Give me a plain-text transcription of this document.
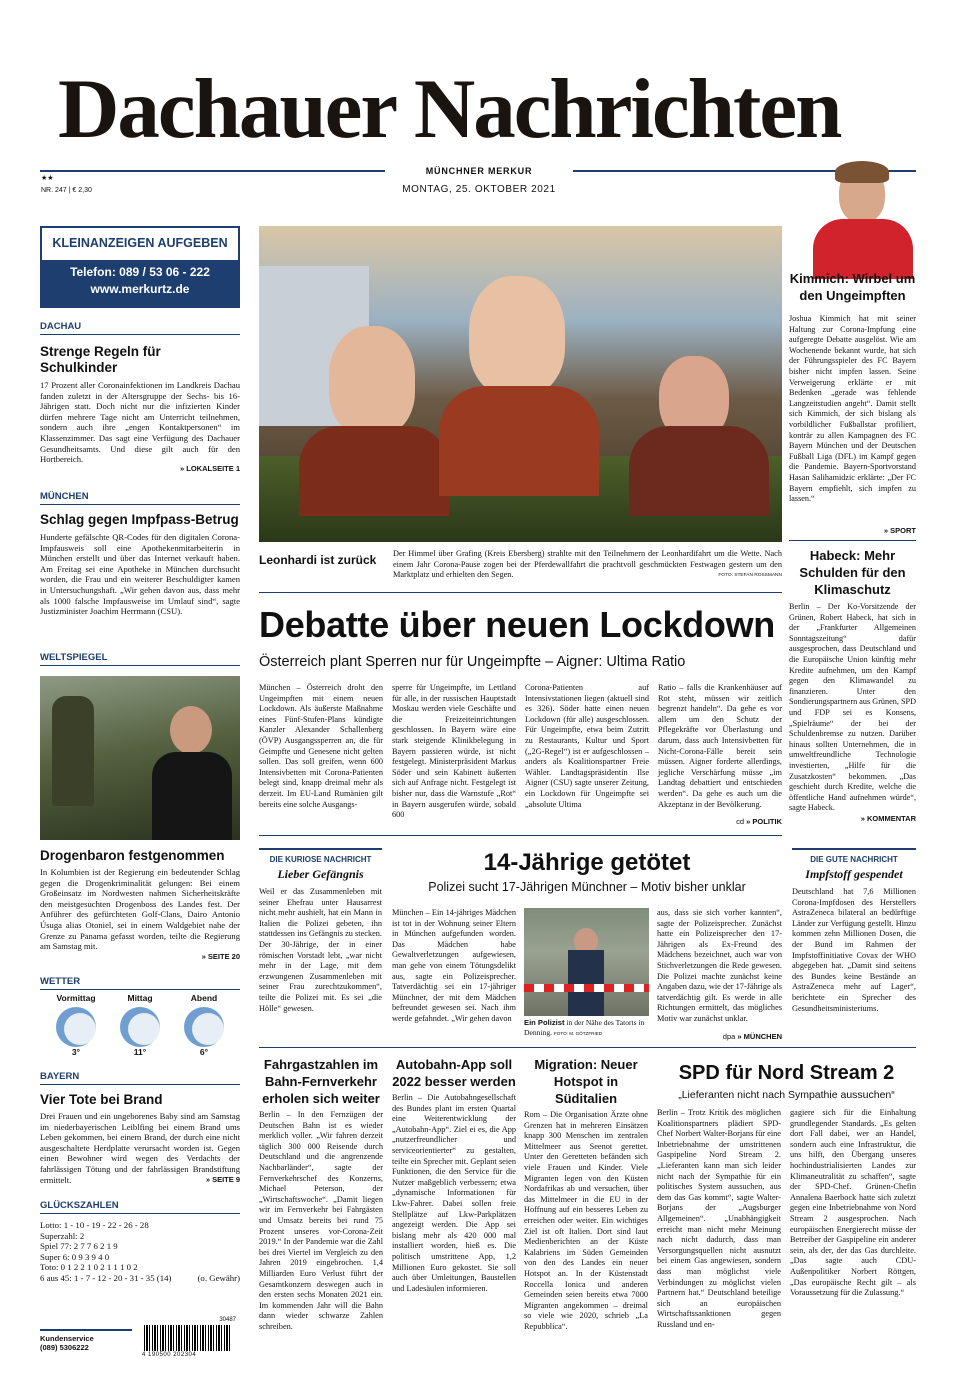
Dachauer Nachrichten
MÜNCHNER MERKUR
MONTAG, 25. OKTOBER 2021
★★
NR. 247 | € 2,30
KLEINANZEIGEN AUFGEBEN
Telefon: 089 / 53 06 - 222
www.merkurtz.de
DACHAU
Strenge Regeln für Schulkinder
17 Prozent aller Coronainfektionen im Landkreis Dachau fanden zuletzt in der Altersgruppe der Sechs- bis 16-Jährigen statt. Doch nicht nur die infizierten Kinder dürfen mehrere Tage nicht am Unterricht teilnehmen, sondern auch ihre „engen Kontaktpersonen“ im Klassenzimmer. Das sagt eine Verfügung des Dachauer Gesundheitsamts. Und diese gilt auch für den Hortbereich.
» LOKALSEITE 1
MÜNCHEN
Schlag gegen Impfpass-Betrug
Hunderte gefälschte QR-Codes für den digitalen Corona-Impfausweis soll eine Apothekenmitarbeiterin in München erstellt und über das Internet verkauft haben. Am Freitag sei eine Apotheke in München durchsucht worden, die Frau und ein weiterer Beschuldigter kamen in Untersuchungshaft. „Wir gehen davon aus, dass mehr als 1000 falsche Impfausweise im Umlauf sind“, sagte Justizminister Joachim Herrmann (CSU).
WELTSPIEGEL
Drogenbaron festgenommen
In Kolumbien ist der Regierung ein bedeutender Schlag gegen die Drogenkriminalität gelungen: Bei einem Großeinsatz im Nordwesten nahmen Sicherheitskräfte den meistgesuchten Drogenboss des Landes fest. Der Anführer des gefürchteten Golf-Clans, Dairo Antonio Úsuga alias Otoniel, sei in einem Waldgebiet nahe der Grenze zu Panama gefasst worden, teilte die Regierung am Samstag mit.
» SEITE 20
WETTER
Vormittag
3°
Mittag
11°
Abend
6°
BAYERN
Vier Tote bei Brand
Drei Frauen und ein ungeborenes Baby sind am Samstag im niederbayerischen Leiblfing bei einem Brand ums Leben gekommen, bei einem Brand, der durch eine nicht ausgeschaltete Herdplatte verursacht worden ist. Gegen einen Bewohner wird wegen des Verdachts der fahrlässigen Tötung und der fahrlässigen Brandstiftung ermittelt.	» SEITE 9
GLÜCKSZAHLEN
Lotto: 1 - 10 - 19 - 22 - 26 - 28
Superzahl: 2
Spiel 77: 2 7 7 6 2 1 9
Super 6: 0 9 3 9 4 0
Toto: 0 1 2 2 1 0 2 1 1 1 0 2
6 aus 45: 1 - 7 - 12 - 20 - 31 - 35 (14)	(o. Gewähr)
Kundenservice
(089) 5306222
30487
4 190500 202304
Leonhardi ist zurück Der Himmel über Grafing (Kreis Ebersberg) strahlte mit den Teilnehmern der Leonhardifahrt um die Wette. Nach einem Jahr Corona-Pause zogen bei der Pferdewallfahrt die prachtvoll geschmückten Festwagen gestern um den Marktplatz und erhielten den Segen.	FOTO: STEFAN ROSSMANN
Kimmich: Wirbel um den Ungeimpften
Joshua Kimmich hat mit seiner Haltung zur Corona-Impfung eine aufgeregte Debatte ausgelöst. Wie am Wochenende bekannt wurde, hat sich der Führungsspieler des FC Bayern bisher nicht impfen lassen. Seine Verweigerung erklärte er mit Bedenken „gerade was fehlende Langzeitstudien angeht“. Damit stellt sich Kimmich, der sich bislang als vorbildlicher Fußballstar profiliert, konträr zu allen Kampagnen des FC Bayern München und der Deutschen Fußball Liga (DFL) im Kampf gegen die Pandemie. Bayern-Sportvorstand Hasan Salihamidzic erklärte: „Der FC Bayern empfiehlt, sich impfen zu lassen.“
» SPORT
Habeck: Mehr Schulden für den Klimaschutz
Berlin – Der Ko-Vorsitzende der Grünen, Robert Habeck, hat sich in der „Frankfurter Allgemeinen Sonntagszeitung“ dafür ausgesprochen, dass Deutschland und die Europäische Union künftig mehr Kredite aufnehmen, um den Kampf gegen den Klimawandel zu finanzieren. Unter den Sondierungspartnern aus Grünen, SPD und FDP sei es Konsens, „Spielräume“ der bei der Schuldenbremse zu nutzen. Darüber hinaus sollten Unternehmen, die in umweltfreundliche Technologie investierten, „Hilfe für die Zusatzkosten“ bekommen. „Das geschieht durch Kredite, welche die öffentliche Hand aufnehmen würde“, sagte Habeck.
» KOMMENTAR
Debatte über neuen Lockdown
Österreich plant Sperren nur für Ungeimpfte – Aigner: Ultima Ratio
München – Österreich droht den Ungeimpften mit einem neuen Lockdown. Als äußerste Maßnahme eines Fünf-Stufen-Plans kündigte Kanzler Alexander Schallenberg (ÖVP) Ausgangssperren an, die für Geimpfte und Genesene nicht gelten sollen. Das soll greifen, wenn 600 Intensivbetten mit Corona-Patienten belegt sind, knapp dreimal mehr als derzeit. Im EU-Land Rumänien gilt bereits eine solche Ausgangs-
sperre für Ungeimpfte, im Lettland für alle, in der russischen Hauptstadt Moskau werden viele Geschäfte und die Freizeiteinrichtungen geschlossen. In Bayern wäre eine stark steigende Klinikbelegung in Bayern passieren würde, ist nicht festgelegt. Ministerpräsident Markus Söder und sein Kabinett äußerten sich auf Anfrage nicht. Festgelegt ist bisher nur, dass die Warnstufe „Rot“ in Bayern ausgerufen würde, sobald 600
Corona-Patienten auf Intensivstationen liegen (aktuell sind es 326). Söder hatte einen neuen Lockdown (für alle) ausgeschlossen. Für Ungeimpfte, etwa beim Zutritt zu Restaurants, Kultur und Sport („2G-Regel“) ist er aufgeschlossen – anders als Koalitionspartner Freie Wähler. Landtagspräsidentin Ilse Aigner (CSU) sagte unserer Zeitung, ein Lockdown für Ungeimpfte sei „absolute Ultima
Ratio – falls die Krankenhäuser auf Rot steht, müssen wir zeitlich begrenzt handeln“. Da gehe es vor allem um den Schutz der Pflegekräfte vor Überlastung und darum, dass auch Intensivbetten für Nicht-Corona-Fälle bereit sein müssen. Aigner forderte allerdings, jegliche Verschärfung müsse „im Landtag debattiert und entschieden werden“. Da gehe es auch um die Akzeptanz in der Bevölkerung.
cd » POLITIK
DIE KURIOSE NACHRICHT
Lieber Gefängnis
Weil er das Zusammenleben mit seiner Ehefrau unter Hausarrest nicht mehr aushielt, hat ein Mann in Italien die Polizei gebeten, ihn stattdessen ins Gefängnis zu stecken. Der 30-Jährige, der in einer römischen Vorstadt lebt, „war nicht mehr in der Lage, mit dem erzwungenen Zusammenleben mit seiner Frau zurechtzukommen“, teilte die Polizei mit. Es sei „die Hölle“ gewesen.
14-Jährige getötet
Polizei sucht 17-Jährigen Münchner – Motiv bisher unklar
München – Ein 14-jähriges Mädchen ist tot in der Wohnung seiner Eltern in München aufgefunden worden. Das Mädchen habe Gewaltverletzungen aufgewiesen, man gehe von einem Tötungsdelikt aus, sagte ein Polizeisprecher. Tatverdächtig sei ein 17-jähriger Münchner, der mit dem Mädchen befreundet gewesen sei. Nach ihm werde gefahndet. „Wir gehen davon	Ein Polizist in der Nähe des Tatorts in Denning. FOTO: M. GÖTZFRIED
aus, dass sie sich vorher kannten“, sagte der Polizeisprecher. Zunächst hatte ein Polizeisprecher den 17-Jährigen als Ex-Freund des Mädchens bezeichnet, auch war von Stichverletzungen die Rede gewesen. Die Polizei machte zunächst keine Angaben dazu, wie der 17-Jährige als tatverdächtig gilt. Es werde in alle Richtungen ermittelt, das mögliches Motiv war zunächst unklar.
dpa » MÜNCHEN
DIE GUTE NACHRICHT
Impfstoff gespendet
Deutschland hat 7,6 Millionen Corona-Impfdosen des Herstellers AstraZeneca bilateral an bedürftige Länder zur Verfügung gestellt. Hinzu kommen zehn Millionen Dosen, die der Bund im Rahmen der Impfstoffinitiative Covax der WHO abgegeben hat. „Damit sind seitens des Bundes keine Bestände an AstraZeneca mehr auf Lager“, berichtete ein Sprecher des Gesundheitsministeriums.
Fahrgastzahlen im Bahn-Fernverkehr erholen sich weiter
Berlin – In den Fernzügen der Deutschen Bahn ist es wieder merklich voller. „Wir fahren derzeit täglich 300 000 Reisende durch Deutschland und die angrenzende Nachbarländer“, sagte der Fernverkehrschef des Konzerns, Michael Peterson, der „Wirtschaftswoche“. „Damit liegen wir im Fernverkehr bei Fahrgästen und Umsatz bereits bei rund 75 Prozent unseres vor-Corona-Zeit 2019.“ In der Pandemie war die Zahl bei drei Viertel im Vergleich zu den Jahren 2019 eingebrochen. 1,4 Milliarden Euro Verlust führt der Gesamtkonzern deswegen auch in den ersten sechs Monaten 2021 ein. Im kommenden Jahr will die Bahn dann wieder schwarze Zahlen schreiben.
Autobahn-App soll 2022 besser werden
Berlin – Die Autobahngesellschaft des Bundes plant im ersten Quartal eine Weiterentwicklung der „Autobahn-App“. Ziel ei es, die App „nutzerfreundlicher und serviceorientierter“ zu gestalten, teilte ein Sprecher mit. Geplant seien Funktionen, die den Service für die Nutzer maßgeblich verbessern; etwa „dynamische Informationen für Lkw-Fahrer. Dabei sollen freie Stellplätze auf Lkw-Parkplätzen angezeigt werden. Die App sei bislang mehr als 420 000 mal installiert worden, hieß es. Die politisch umstrittene App, 1,2 Millionen Euro gekostet. Sie soll auch über Umleitungen, Baustellen und Ladesäulen informieren.
Migration: Neuer Hotspot in Süditalien
Rom – Die Organisation Ärzte ohne Grenzen hat in mehreren Einsätzen knapp 300 Menschen im zentralen Mittelmeer aus Seenot gerettet. Unter den Geretteten befänden sich viele Frauen und Kinder. Viele Migranten legen von den Küsten Nordafrikas ab und versuchen, über das Mittelmeer in die EU in der Hoffnung auf ein besseres Leben zu erreichen oder weiter. Ein wichtiges Ziel ist oft Italien. Dort sind laut Medienberichten an der Küste Kalabriens im Süden Gemeinden von den des Landes ein neuer Hotspot an. In der Küstenstadt Roccella Ionica und anderen Gemeinden seien bereits etwa 7000 Migranten angekommen – dreimal so viele wie 2020, schrieb „La Repubblica“.
SPD für Nord Stream 2
„Lieferanten nicht nach Sympathie aussuchen“
Berlin – Trotz Kritik des möglichen Koalitionspartners plädiert SPD-Chef Norbert Walter-Borjans für eine Inbetriebnahme der umstrittenen Gaspipeline Nord Stream 2. „Lieferanten kann man sich leider nicht nach der Sympathie für ein politisches System aussuchen, aus dem das Gas kommt“, sagte Walter-Borjans der „Augsburger Allgemeinen“. „Unabhängigkeit erreicht man nicht mehr Meinung nach nicht dadurch, dass man Versorgungsquellen nicht ausnutzt bei einem Gas angewiesen, sondern dass man möglichst viele Verbindungen zu möglichst vielen Partnern hat.“ Deutschland beteilige sich an europäischen Wirtschaftssanktionen gegen Russland und en-
gagiere sich für die Einhaltung grundlegender Standards. „Es gelten dort Fall dabei, wer an Handel, sondern auch eine Infrastruktur, die uns hilft, den Übergang unseres hochindustrialisierten Landes zur Klimaneutralität zu schaffen“, sagte der SPD-Chef. Grünen-Chefin Annalena Baerbock hatte sich zuletzt gegen eine Inbetriebnahme von Nord Stream 2 ausgesprochen. Nach europäischen Energierecht müsse der Betreiber der Gaspipeline ein anderer sein, als der, der das Gas durchleite. „Das sagte auch CDU-Außenpolitiker Norbert Röttgen, „Das europäische Recht gilt – als Voraussetzung für die Zulassung.“
